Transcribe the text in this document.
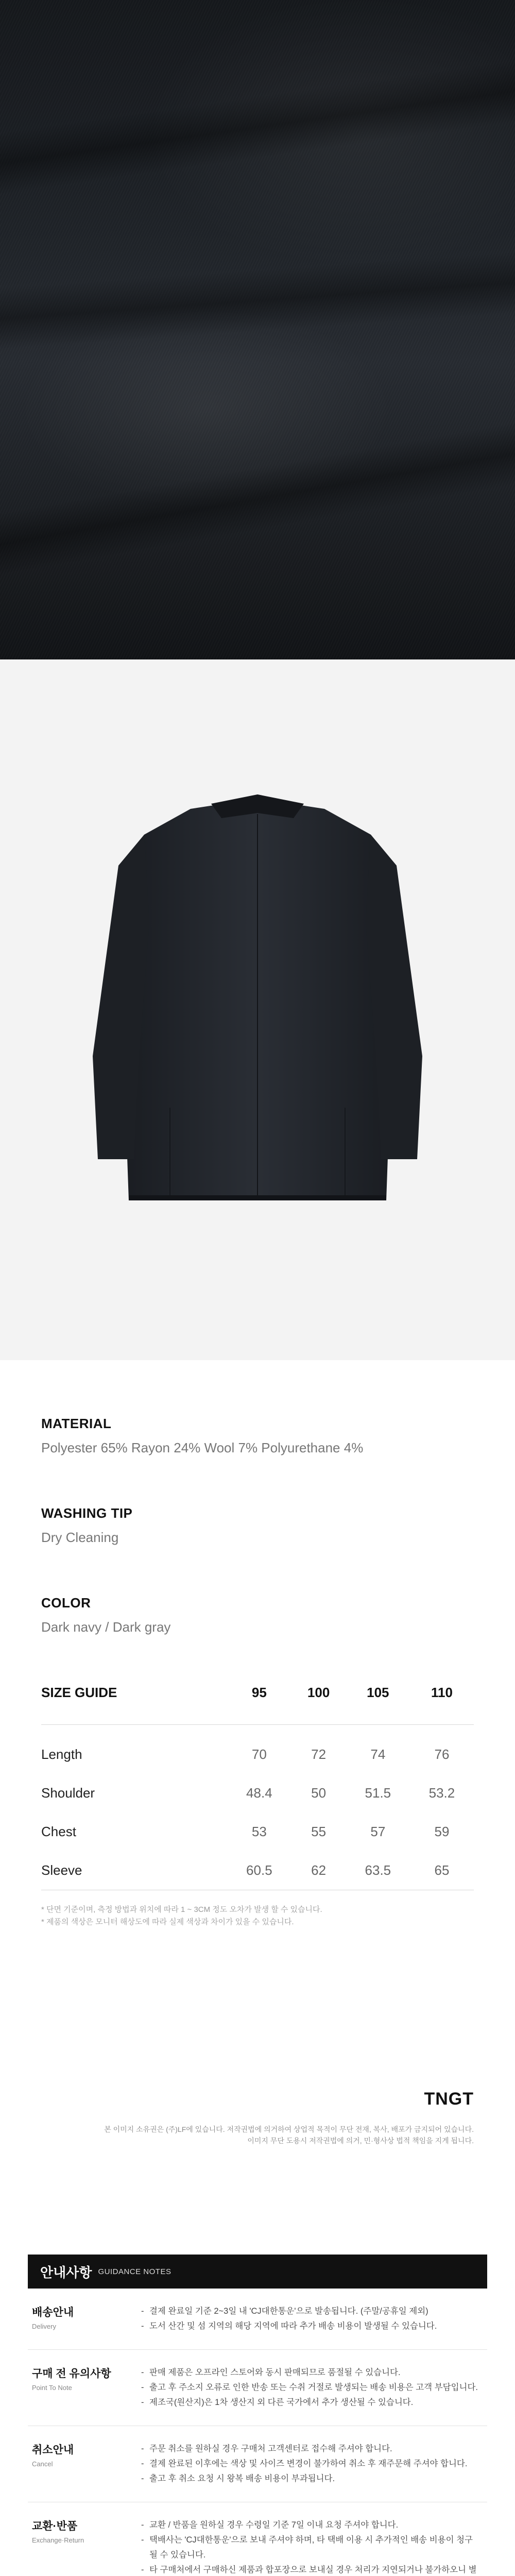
MATERIAL
Polyester 65% Rayon 24% Wool 7% Polyurethane 4%
WASHING TIP
Dry Cleaning
COLOR
Dark navy / Dark gray
SIZE GUIDE	95	100	105	110

Length	70	72	74	76
Shoulder	48.4	50	51.5	53.2
Chest	53	55	57	59
Sleeve	60.5	62	63.5	65

* 단면 기준이며, 측정 방법과 위치에 따라 1 ~ 3CM 정도 오차가 발생 할 수 있습니다.
* 제품의 색상은 모니터 해상도에 따라 실제 색상과 차이가 있을 수 있습니다.
TNGT
본 이미지 소유권은 (주)LF에 있습니다. 저작권법에 의거하여 상업적 목적이 무단 전재, 복사, 배포가 금지되어 있습니다.
이미지 무단 도용시 저작권법에 의거, 민·형사상 법적 책임을 지게 됩니다.
안내사항 GUIDANCE NOTES
배송안내
Delivery
- 결제 완료일 기준 2~3일 내 'CJ대한통운'으로 발송됩니다. (주말/공휴일 제외)
- 도서 산간 및 섬 지역의 해당 지역에 따라 추가 배송 비용이 발생될 수 있습니다.
구매 전 유의사항
Point To Note
- 판매 제품은 오프라인 스토어와 동시 판매되므로 품절될 수 있습니다.
- 출고 후 주소지 오류로 인한 반송 또는 수취 거절로 발생되는 배송 비용은 고객 부담입니다.
- 제조국(원산지)은 1차 생산지 외 다른 국가에서 추가 생산될 수 있습니다.
취소안내
Cancel
- 주문 취소를 원하실 경우 구매처 고객센터로 접수해 주셔야 합니다.
- 결제 완료된 이후에는 색상 및 사이즈 변경이 불가하여 취소 후 재주문해 주셔야 합니다.
- 출고 후 취소 요청 시 왕복 배송 비용이 부과됩니다.
교환·반품
Exchange·Return
- 교환 / 반품을 원하실 경우 수령일 기준 7일 이내 요청 주셔야 합니다.
- 택배사는 'CJ대한통운'으로 보내 주셔야 하며, 타 택배 이용 시 추가적인 배송 비용이 청구 될 수 있습니다.
- 타 구매처에서 구매하신 제품과 합포장으로 보내실 경우 처리가 지연되거나 불가하오니 별
